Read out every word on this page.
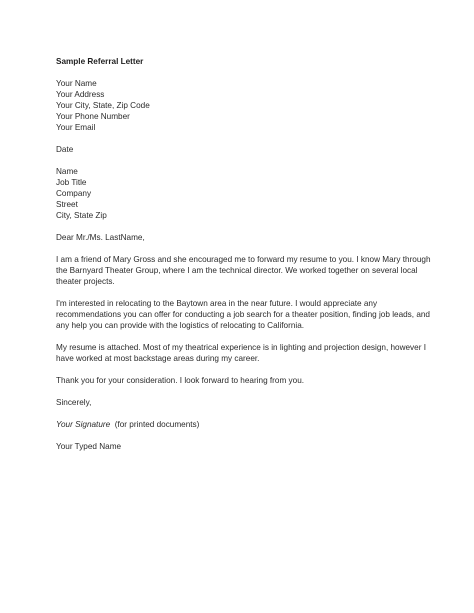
Sample Referral Letter
Your Name
Your Address
Your City, State, Zip Code
Your Phone Number
Your Email
Date
Name
Job Title
Company
Street
City, State Zip
Dear Mr./Ms. LastName,
I am a friend of Mary Gross and she encouraged me to forward my resume to you. I know Mary through
the Barnyard Theater Group, where I am the technical director. We worked together on several local
theater projects.
I'm interested in relocating to the Baytown area in the near future. I would appreciate any
recommendations you can offer for conducting a job search for a theater position, finding job leads, and
any help you can provide with the logistics of relocating to California.
My resume is attached. Most of my theatrical experience is in lighting and projection design, however I
have worked at most backstage areas during my career.
Thank you for your consideration. I look forward to hearing from you.
Sincerely,
Your Signature (for printed documents)
Your Typed Name
